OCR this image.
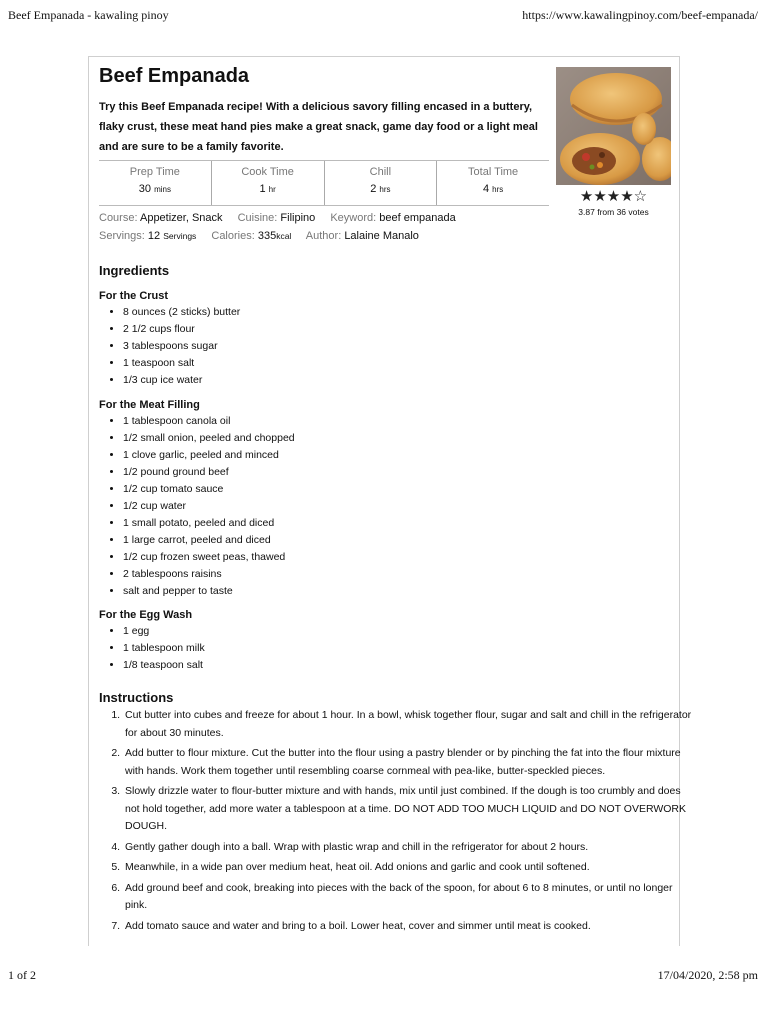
Beef Empanada - kawaling pinoy	https://www.kawalingpinoy.com/beef-empanada/
Beef Empanada
Try this Beef Empanada recipe! With a delicious savory filling encased in a buttery, flaky crust, these meat hand pies make a great snack, game day food or a light meal and are sure to be a family favorite.
★★★★☆
3.87 from 36 votes
Prep Time
30 mins
Cook Time
1 hr
Chill
2 hrs
Total Time
4 hrs
Course: Appetizer, Snack Cuisine: Filipino Keyword: beef empanada
Servings: 12 Servings Calories: 335kcal Author: Lalaine Manalo
Ingredients
For the Crust
• 8 ounces (2 sticks) butter
• 2 1/2 cups flour
• 3 tablespoons sugar
• 1 teaspoon salt
• 1/3 cup ice water
For the Meat Filling
• 1 tablespoon canola oil
• 1/2 small onion, peeled and chopped
• 1 clove garlic, peeled and minced
• 1/2 pound ground beef
• 1/2 cup tomato sauce
• 1/2 cup water
• 1 small potato, peeled and diced
• 1 large carrot, peeled and diced
• 1/2 cup frozen sweet peas, thawed
• 2 tablespoons raisins
• salt and pepper to taste
For the Egg Wash
• 1 egg
• 1 tablespoon milk
• 1/8 teaspoon salt
Instructions
1. Cut butter into cubes and freeze for about 1 hour. In a bowl, whisk together flour, sugar and salt and chill in the refrigerator for about 30 minutes.
2. Add butter to flour mixture. Cut the butter into the flour using a pastry blender or by pinching the fat into the flour mixture with hands. Work them together until resembling coarse cornmeal with pea-like, butter-speckled pieces.
3. Slowly drizzle water to flour-butter mixture and with hands, mix until just combined. If the dough is too crumbly and does not hold together, add more water a tablespoon at a time. DO NOT ADD TOO MUCH LIQUID and DO NOT OVERWORK DOUGH.
4. Gently gather dough into a ball. Wrap with plastic wrap and chill in the refrigerator for about 2 hours.
5. Meanwhile, in a wide pan over medium heat, heat oil. Add onions and garlic and cook until softened.
6. Add ground beef and cook, breaking into pieces with the back of the spoon, for about 6 to 8 minutes, or until no longer pink.
7. Add tomato sauce and water and bring to a boil. Lower heat, cover and simmer until meat is cooked.
1 of 2	17/04/2020, 2:58 pm
